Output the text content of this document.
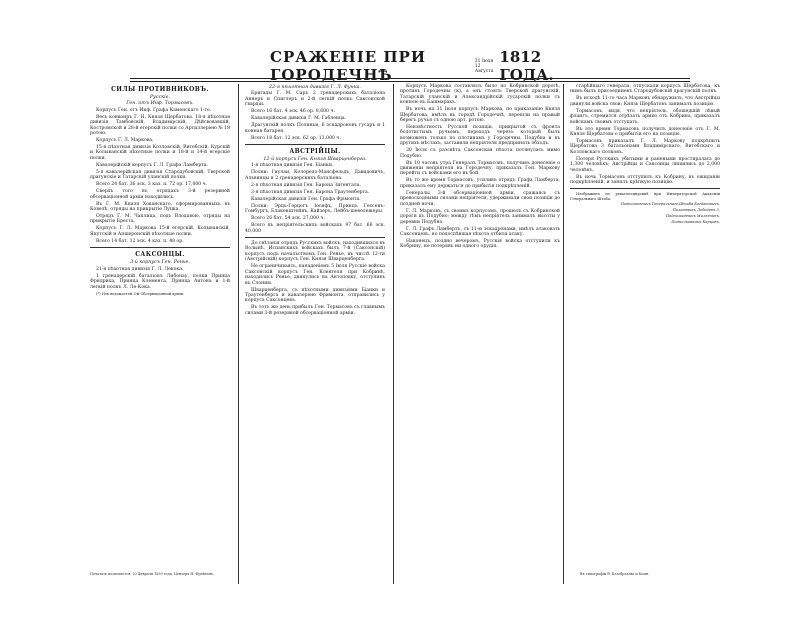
СРАЖЕНIЕ ПРИ ГОРОДЕЧНѢ
31 Іюля
12 Августа
1812 ГОДА.
СИЛЫ ПРОТИВНИКОВЪ.
Русскiе.
Ген. отъ Инф. Тормасовъ.

Корпусъ Ген. отъ Инф. Графа Каменскаго 1-го.

Весь конвоиръ Г. Н. Князя Щербатова. 18-я пѣхотная дивизiя Тамбовскiй, Владимiрскiй, Дѣйсвовавшiй, Костромской и 28-й егерскiй полки со Артиллерiею № 18 ротою.

Корпусъ Г. Л. Маркова.

15-я пѣхотная дивизiя Козловскiй, Витебскiй, Курскiй и Колыванскiй пѣхотные полки и 18-й и 14-й егерскiе полки.

Кавалерiйскiй корпусъ Г. Л. Графа Ламберта.

5-я кавалерiйская дивизiя Стародубовскiй, Тверской драгунскiе и Татарскiй уланскiй полки.

Всего 24 бат. 36 эск. 3 каз. п. 72 ор. 17,000 ч.

Сверхъ того въ отрядахъ 3-й резервной обсервацiонной армiи находились.

Въ Г. М. Князя Хованскаго, сформированныхъ въ Ковелѣ, отряды на прикрытiе Луцка.

Отрядъ Г. М. Чаплица, подъ Влодавою, отряды на прикрытiе Бреста.

Корпусъ Г. Л. Маркова 15-й егерскiй, Колыванскiй, Якутскiй и Апшеронскiй пѣхотные полки.

Всего 14 бат. 12 эск. 4 каз. п. 48 ор.

САКСОНЦЫ.
3-й корпусъ Ген. Ренье.

21-я пѣхотная дивизiя Г. Л. Лекока.

1 гренадерскiй баталiонъ Либенау, полки Принца Фридриха, Принца Клеменса, Принца Антона и 1-й легкiй полкъ Л. Ле-Кока.

(*) Изъ ведомостей 3-й Обсервацiонной армiи.

22-я пѣхотная дивизiя Г. Л. Функа.

Бригады Г. М. Саръ 2 гренадерскихъ баталiона Аннеръ и Спиглеръ и 2-й легкiй полкъ Саксонской гвардiи.

Всего 16 бат. 4 эск. 46 ор. 8,600 ч.

Кавалерiйская дивизiя Г. М. Габленца.

Драгунскiй полкъ Полиньи, 6 эскадроновъ гусаръ и 1 конная батарея.

Всего 18 бат. 12 эск. 62 ор. 13,000 ч.

АВСТРIЙЦЫ.
12-й корпусъ Ген. Князя Шварценберга.

1-я пѣхотная дивизiя Ген. Бiанки.

Полки: Гиулаи, Колоредо-Мансфельдъ, Давидовичъ, Альвинцы и 2 гренадерскихъ баталiона.

2-я пѣхотная дивизiя Ген. Барона Зигентала.

3-я пѣхотная дивизiя Ген. Барона Траутенберга.

Кавалерiйская дивизiя Ген. Графа Фрiмонта.

Полки: Эрцъ-Герцогъ Іосифъ, Принцъ Гессенъ-Гомбургъ, Блакенштейнъ, Кайзеръ, Лейбъ-шеволежеры.

Всего 26 бат. 54 эск. 27,000 ч.

Всего въ непрiятельскихъ войскахъ 97 бат. 66 эск. 40,000

До свѣтанiя отрядъ Русскихъ войскъ, находившихся въ Волынѣ, Испанскихъ войскахъ былъ 7-й (Саксонскiй) корпусъ подъ начальствомъ Ген. Ренье, въ числѣ 12-ти (Австрiйскiй) корпусъ Ген. Князя Шварценберга.

Не ограничиваясь, нападенiемъ 5 Iюля Русскiе войска Саксонскiй корпусъ Ген. Кленгеля при Кобринѣ, находились Ренье, двинулись на Антоповку, отступивъ въ Слоним.

Шварценберга, съ пѣхотными дивизiями Бiанки и Траутенберга и кавалерiею Фримонта, отправились у корпуса Саксонцевъ.

Въ тотъ же день прибылъ Ген. Тормасовъ съ главнымъ силами 3-й резервной обсервацiонной армiи.

Корпусъ Маркова составлялъ было по Кобринской дорогѣ, противъ Городечны (к), а онъ стоялъ Тверской драгунскiй, Татарскiй уланскiй и Александрiйскiй гусарскiй полки съ конною въ Башмарахъ.

Въ ночь на 31 Iюля корпусъ Маркова, по приказанiю Князя Щербатова, имѣлъ въ городѣ Городечнѣ, перешли на правый берегъ ручья съ одною арт. ротою.

Неизвѣстность Русской позицiи, прикрытой съ фронта болотистымъ ручьемъ, переходъ черезъ который былъ возможенъ только по плотинамъ у Городечны, Подубна и въ другихъ мѣстахъ, заставили непрiятеля предпринять обходъ.

30 Iюля съ разсвѣта Саксонская пѣхота потянулась мимо Подубно.

Въ 10 часовъ утра Генералъ Тормасовъ, получивъ донесенiе о движенiи непрiятеля на Городечну, приказалъ Ген. Маркову перейти съ войсками его въ бой.

Въ то же время Тормасовъ, усиливъ отрядъ Графа Ламберта, приказалъ ему держаться до прибытiя подкрѣпленiй.

Генералы 3-й обсервацiонной армiи, сражаясь съ превосходными силами непрiятеля, удерживали свои позицiи до поздней ночи.

Г. Л. Марковъ, съ своимъ корпусомъ, прошелъ съ Кобринской дороги къ Подубно; между тѣмъ непрiятель занималъ высоты у деревни Подубно.

Г. Л. Графъ Ламбертъ, съ 11-ю эскадронами, имѣлъ атаковать Саксонцевъ, но подоспѣвшая пѣхота отбила атаку.

Наконецъ, поздно вечеромъ, Русскiя войска отступили къ Кобрину, не потерявъ ни одного орудiя.

старѣйшаго генерала, отпускали корпусъ Щербатова, къ нимъ былъ присоединенъ Стародубовскiй драгунскiй полкъ.

Въ исходѣ 11-го часа Марковъ обнаружилъ, что Австрiйцы двинули войска свои; Князь Щербатовъ занималъ позицiю.

Тормасовъ, видя, что непрiятель, обошедшiй лѣвый флангъ, стремится отрѣзать армiю отъ Кобрина, приказалъ войскамъ своимъ отступать.

Въ это время Тормасовъ получилъ донесенiе отъ Г. М. Князя Щербатова о прибытiи его на позицiю.

Тормасовъ приказалъ Г. Л. Маркову подкрѣпить Щербатова 3 батальонами Владимiрскаго, Витебскаго и Козловскаго полковъ.

Потеря Русскихъ убитыми и ранеными простиралась до 1,300 человѣкъ; Австрiйцы и Саксонцы лишились до 2,000 человѣкъ.

Въ ночь Тормасовъ отступилъ къ Кобрину, въ ожиданiи подкрѣпленiй, и занялъ крѣпкую позицiю.

Изображено по рекогносцировкѣ при Императорской Академiи Генеральнаго Штаба.

Подполковникъ Генеральнаго Штаба Богдановичъ.

Полковникъ Лебедевъ 3.

Подполковникъ Милютинъ.

Подполковникъ Карцовъ.

Печатать позволяется. 20 Февраля 1859 года. Цензоръ Н. Фрейганъ.	Въ типографiи В. Безобразова и Комп.
